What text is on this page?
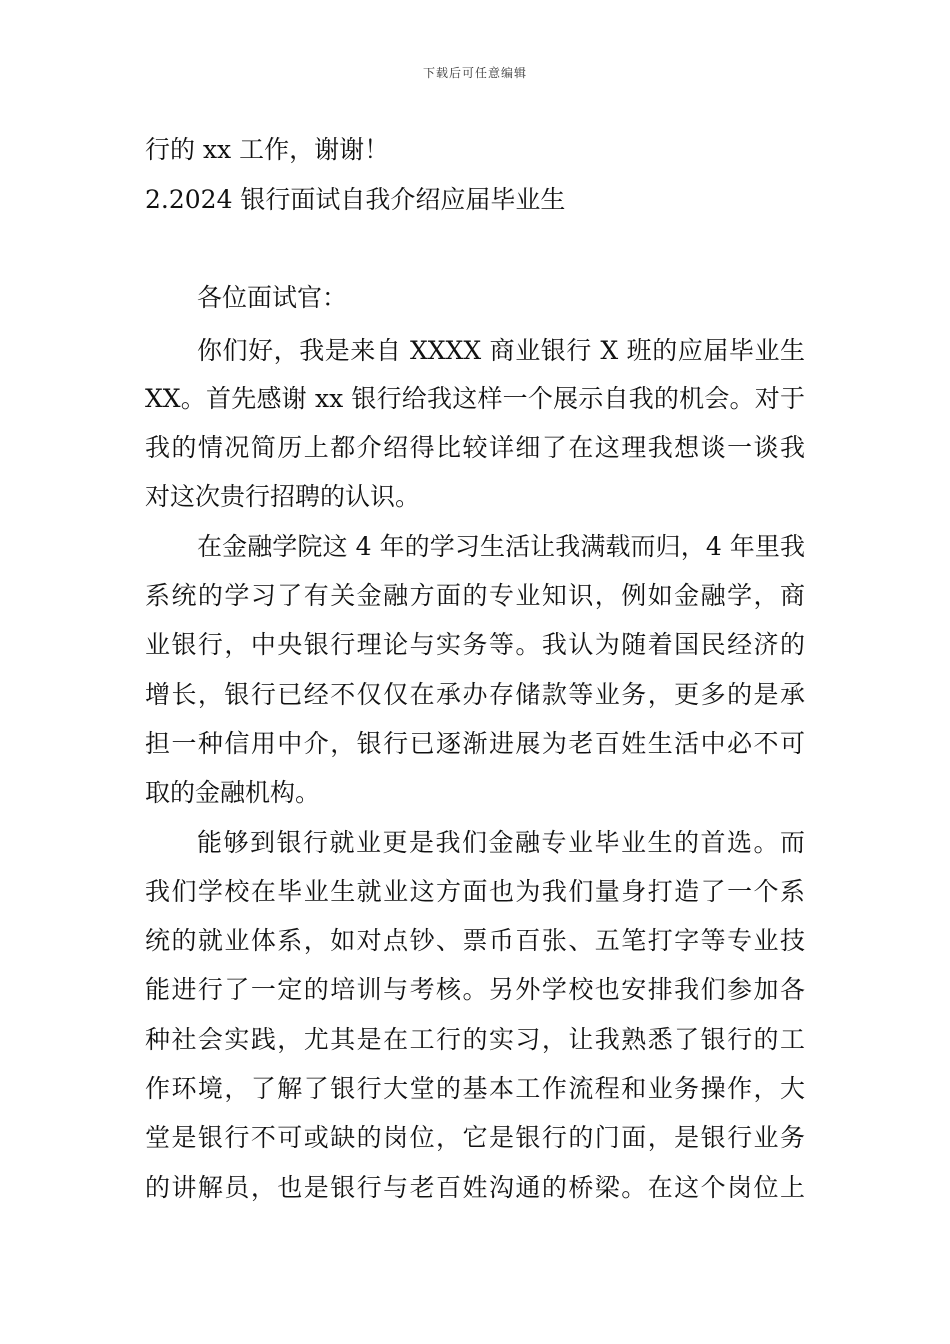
下载后可任意编辑
行的 xx 工作，谢谢！
2.2024 银行面试自我介绍应届毕业生
各位面试官：
你们好，我是来自 XXXX 商业银行 X 班的应届毕业生
XX。首先感谢 xx 银行给我这样一个展示自我的机会。对于
我的情况简历上都介绍得比较详细了在这理我想谈一谈我
对这次贵行招聘的认识。
在金融学院这 4 年的学习生活让我满载而归，4 年里我
系统的学习了有关金融方面的专业知识，例如金融学，商
业银行，中央银行理论与实务等。我认为随着国民经济的
增长，银行已经不仅仅在承办存储款等业务，更多的是承
担一种信用中介，银行已逐渐进展为老百姓生活中必不可
取的金融机构。
能够到银行就业更是我们金融专业毕业生的首选。而
我们学校在毕业生就业这方面也为我们量身打造了一个系
统的就业体系，如对点钞、票币百张、五笔打字等专业技
能进行了一定的培训与考核。另外学校也安排我们参加各
种社会实践，尤其是在工行的实习，让我熟悉了银行的工
作环境，了解了银行大堂的基本工作流程和业务操作，大
堂是银行不可或缺的岗位，它是银行的门面，是银行业务
的讲解员，也是银行与老百姓沟通的桥梁。在这个岗位上
